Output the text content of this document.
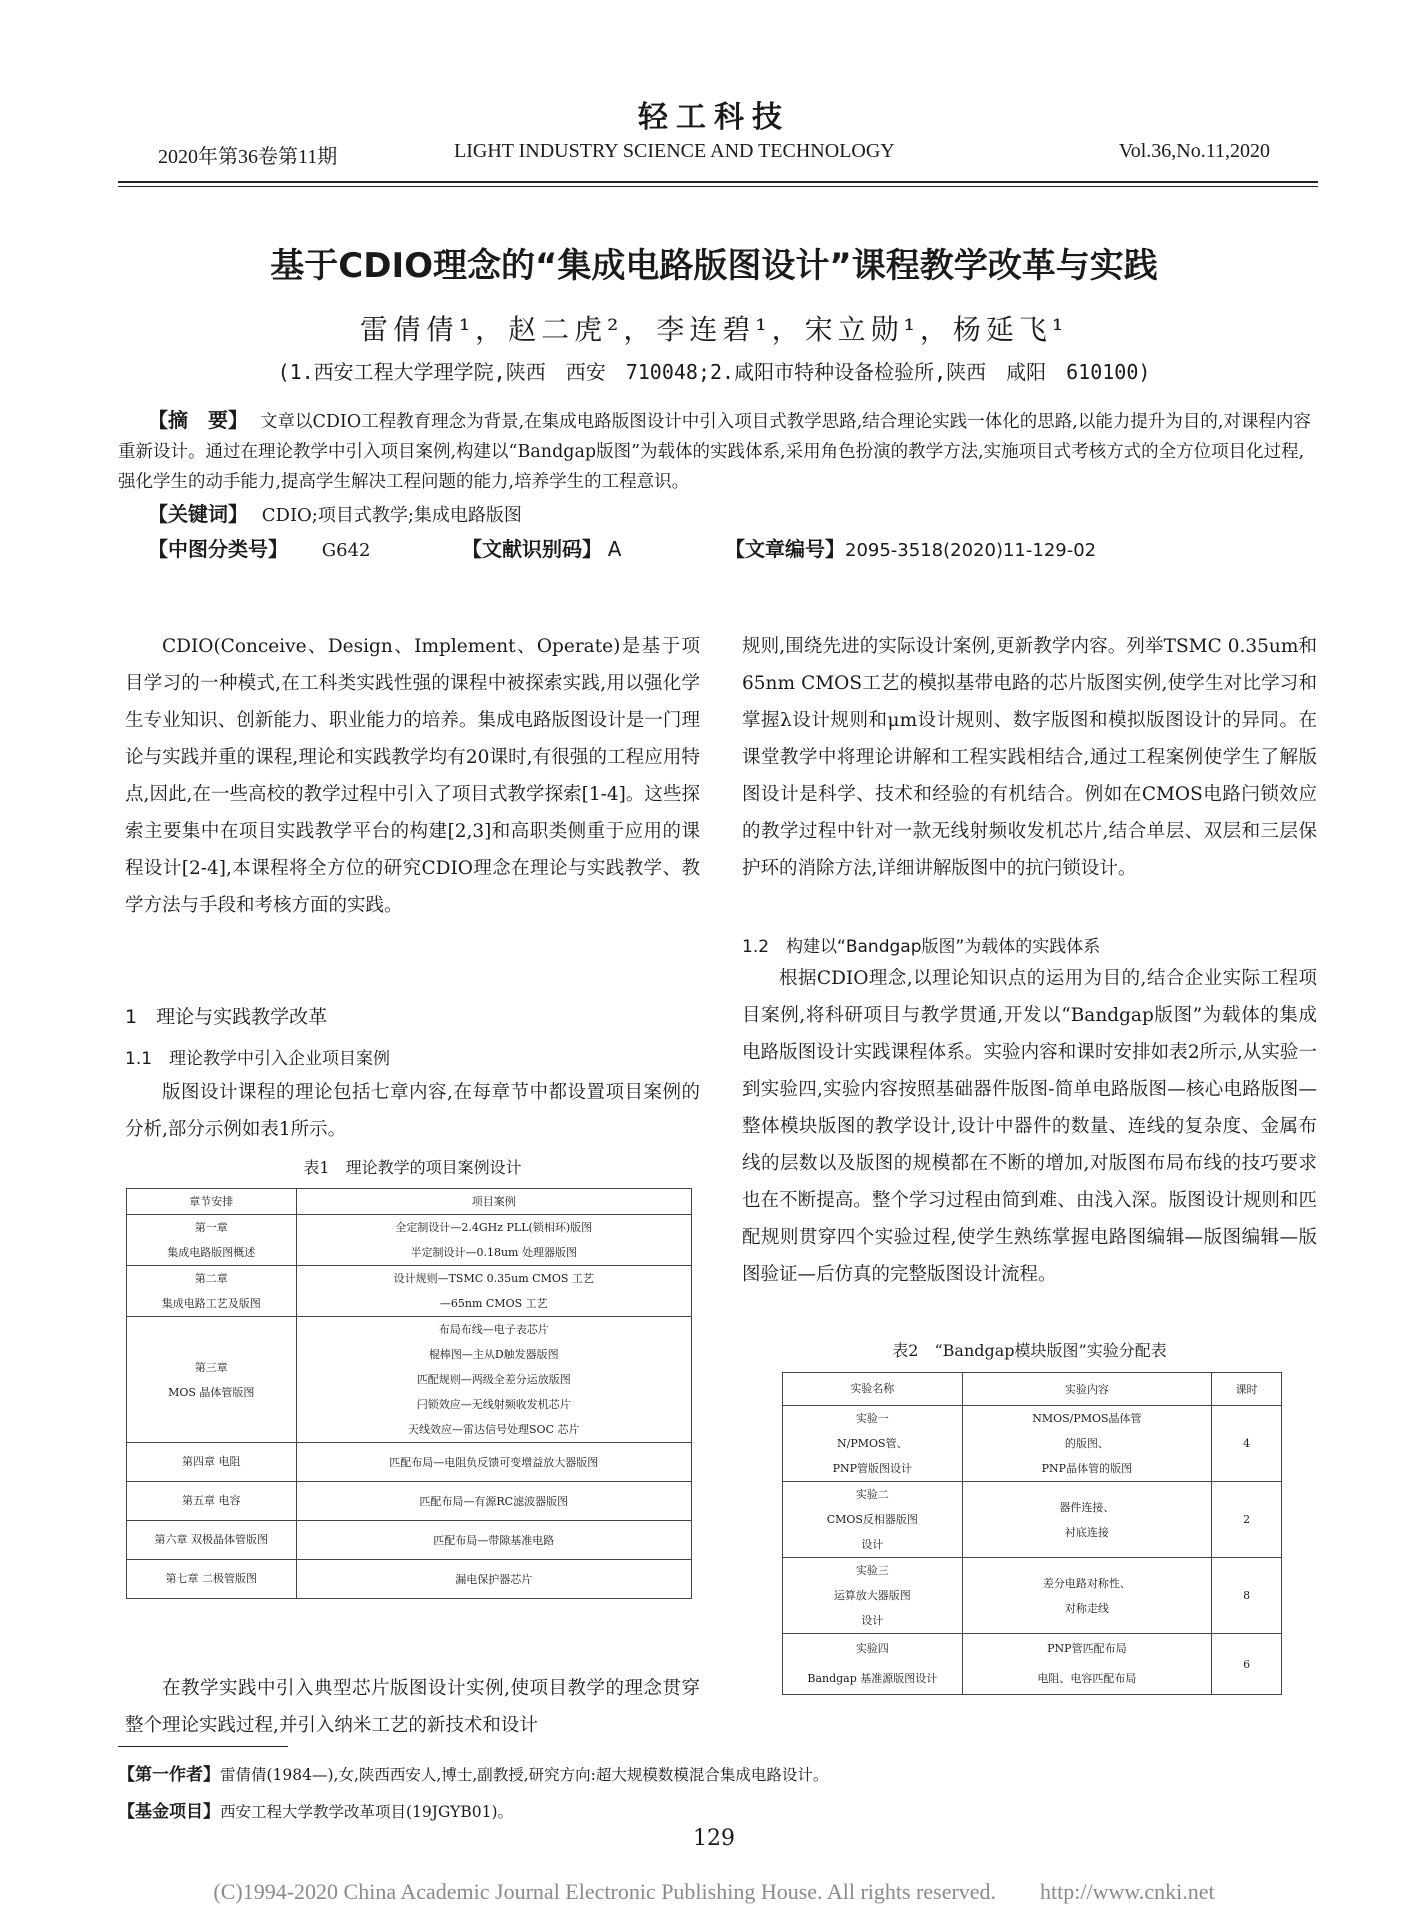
轻工科技
2020年第36卷第11期	LIGHT INDUSTRY SCIENCE AND TECHNOLOGY	Vol.36,No.11,2020
基于CDIO理念的“集成电路版图设计”课程教学改革与实践
雷倩倩¹，赵二虎²，李连碧¹，宋立勋¹，杨延飞¹
(1.西安工程大学理学院,陕西　西安　710048;2.咸阳市特种设备检验所,陕西　咸阳　610100)
【摘　要】 文章以CDIO工程教育理念为背景,在集成电路版图设计中引入项目式教学思路,结合理论实践一体化的思路,以能力提升为目的,对课程内容重新设计。通过在理论教学中引入项目案例,构建以“Bandgap版图”为载体的实践体系,采用角色扮演的教学方法,实施项目式考核方式的全方位项目化过程,强化学生的动手能力,提高学生解决工程问题的能力,培养学生的工程意识。
【关键词】 CDIO;项目式教学;集成电路版图
【中图分类号】 G642	【文献识别码】 A	【文章编号】2095-3518(2020)11-129-02

CDIO(Conceive、Design、Implement、Operate)是基于项目学习的一种模式,在工科类实践性强的课程中被探索实践,用以强化学生专业知识、创新能力、职业能力的培养。集成电路版图设计是一门理论与实践并重的课程,理论和实践教学均有20课时,有很强的工程应用特点,因此,在一些高校的教学过程中引入了项目式教学探索[1-4]。这些探索主要集中在项目实践教学平台的构建[2,3]和高职类侧重于应用的课程设计[2-4],本课程将全方位的研究CDIO理念在理论与实践教学、教学方法与手段和考核方面的实践。

1　理论与实践教学改革
1.1　理论教学中引入企业项目案例

版图设计课程的理论包括七章内容,在每章节中都设置项目案例的分析,部分示例如表1所示。

表1　理论教学的项目案例设计
章节安排	项目案例

第一章
集成电路版图概述	全定制设计—2.4GHz PLL(锁相环)版图
半定制设计—0.18um 处理器版图

第二章
集成电路工艺及版图	设计规则—TSMC 0.35um CMOS 工艺
—65nm CMOS 工艺

第三章
MOS 晶体管版图	布局布线—电子表芯片
棍棒图—主从D触发器版图
匹配规则—两级全差分运放版图
闩锁效应—无线射频收发机芯片
天线效应—雷达信号处理SOC 芯片

第四章 电阻	匹配布局—电阻负反馈可变增益放大器版图
第五章 电容	匹配布局—有源RC滤波器版图
第六章 双极晶体管版图	匹配布局—带隙基准电路
第七章 二极管版图	漏电保护器芯片

在教学实践中引入典型芯片版图设计实例,使项目教学的理念贯穿整个理论实践过程,并引入纳米工艺的新技术和设计

规则,围绕先进的实际设计案例,更新教学内容。列举TSMC 0.35um和65nm CMOS工艺的模拟基带电路的芯片版图实例,使学生对比学习和掌握λ设计规则和μm设计规则、数字版图和模拟版图设计的异同。在课堂教学中将理论讲解和工程实践相结合,通过工程案例使学生了解版图设计是科学、技术和经验的有机结合。例如在CMOS电路闩锁效应的教学过程中针对一款无线射频收发机芯片,结合单层、双层和三层保护环的消除方法,详细讲解版图中的抗闩锁设计。

1.2　构建以“Bandgap版图”为载体的实践体系

根据CDIO理念,以理论知识点的运用为目的,结合企业实际工程项目案例,将科研项目与教学贯通,开发以“Bandgap版图”为载体的集成电路版图设计实践课程体系。实验内容和课时安排如表2所示,从实验一到实验四,实验内容按照基础器件版图-简单电路版图—核心电路版图—整体模块版图的教学设计,设计中器件的数量、连线的复杂度、金属布线的层数以及版图的规模都在不断的增加,对版图布局布线的技巧要求也在不断提高。整个学习过程由简到难、由浅入深。版图设计规则和匹配规则贯穿四个实验过程,使学生熟练掌握电路图编辑—版图编辑—版图验证—后仿真的完整版图设计流程。

表2　“Bandgap模块版图”实验分配表
实验名称	实验内容	课时

实验一
N/PMOS管、
PNP管版图设计	NMOS/PMOS晶体管
的版图、
PNP晶体管的版图	4

实验二
CMOS反相器版图
设计	器件连接、
衬底连接	2

实验三
运算放大器版图
设计	差分电路对称性、
对称走线	8

实验四
Bandgap 基准源版图设计	PNP管匹配布局
电阻、电容匹配布局	6
【第一作者】雷倩倩(1984—),女,陕西西安人,博士,副教授,研究方向:超大规模数模混合集成电路设计。
【基金项目】西安工程大学教学改革项目(19JGYB01)。
129
(C)1994-2020 China Academic Journal Electronic Publishing House. All rights reserved.　　http://www.cnki.net
